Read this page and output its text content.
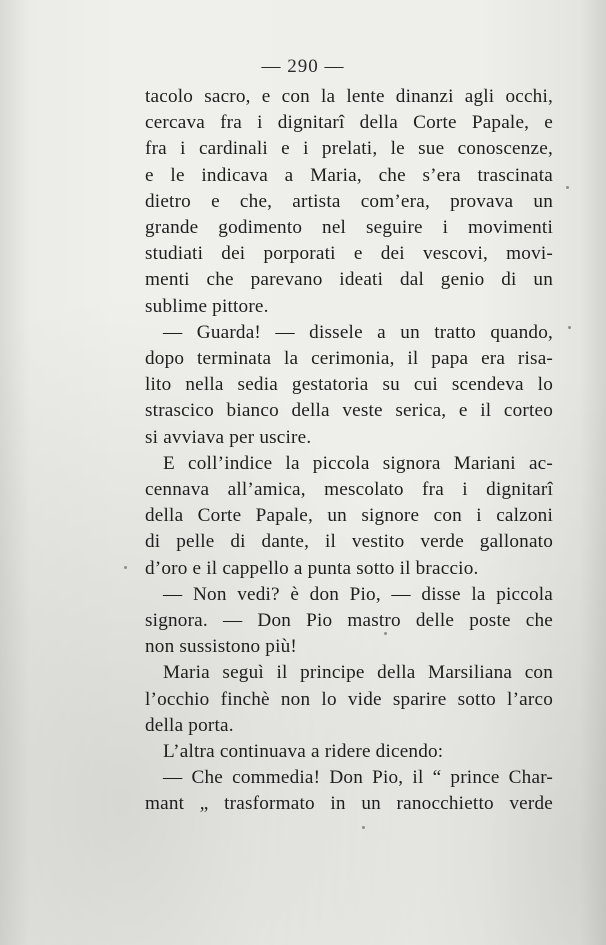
— 290 —
tacolo sacro, e con la lente dinanzi agli occhi,
cercava fra i dignitarî della Corte Papale, e
fra i cardinali e i prelati, le sue conoscenze,
e le indicava a Maria, che s’era trascinata
dietro e che, artista com’era, provava un
grande godimento nel seguire i movimenti
studiati dei porporati e dei vescovi, movi-
menti che parevano ideati dal genio di un
sublime pittore.
— Guarda! — dissele a un tratto quando,
dopo terminata la cerimonia, il papa era risa-
lito nella sedia gestatoria su cui scendeva lo
strascico bianco della veste serica, e il corteo
si avviava per uscire.
E coll’indice la piccola signora Mariani ac-
cennava all’amica, mescolato fra i dignitarî
della Corte Papale, un signore con i calzoni
di pelle di dante, il vestito verde gallonato
d’oro e il cappello a punta sotto il braccio.
— Non vedi? è don Pio, — disse la piccola
signora. — Don Pio mastro delle poste che
non sussistono più!
Maria seguì il principe della Marsiliana con
l’occhio finchè non lo vide sparire sotto l’arco
della porta.
L’altra continuava a ridere dicendo:
— Che commedia! Don Pio, il “ prince Char-
mant „ trasformato in un ranocchietto verde
